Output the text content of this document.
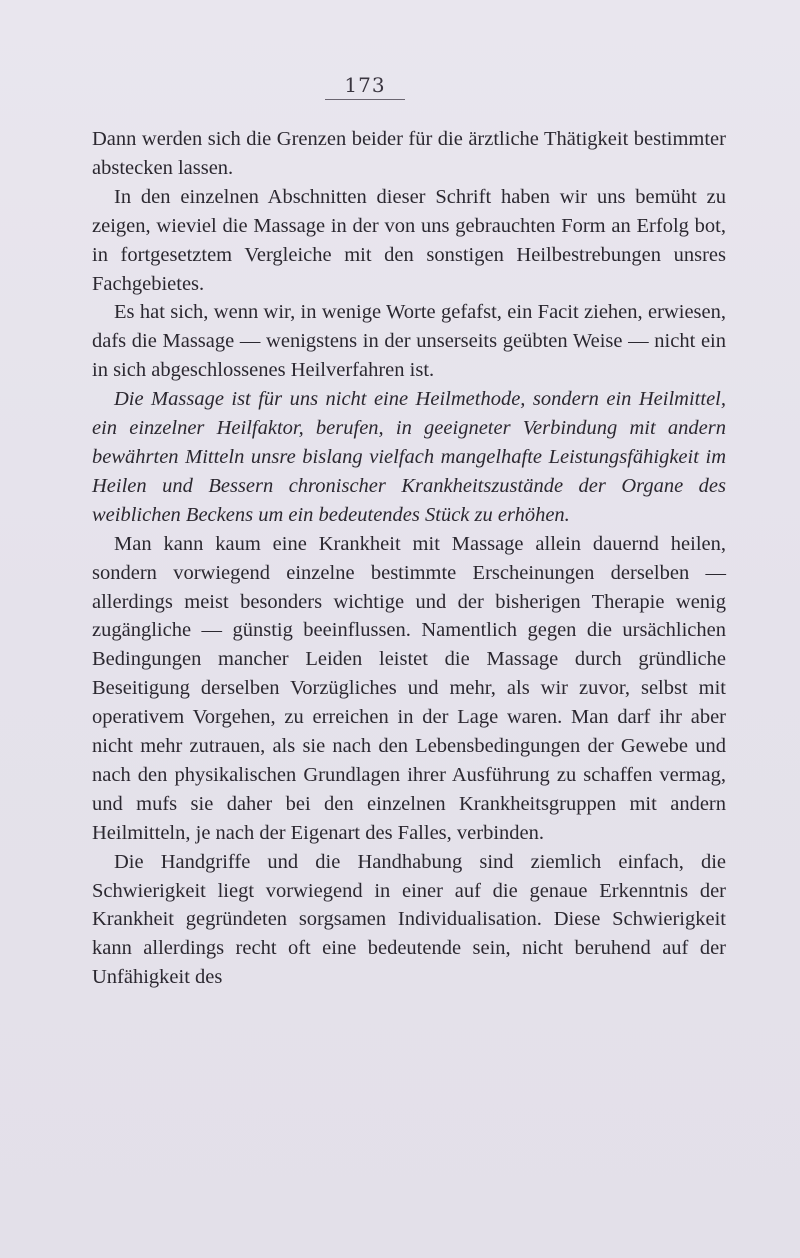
173

Dann werden sich die Grenzen beider für die ärztliche Thätigkeit bestimmter abstecken lassen.

In den einzelnen Abschnitten dieser Schrift haben wir uns bemüht zu zeigen, wieviel die Massage in der von uns gebrauchten Form an Erfolg bot, in fortgesetztem Vergleiche mit den sonstigen Heilbestrebungen unsres Fachgebietes.

Es hat sich, wenn wir, in wenige Worte gefafst, ein Facit ziehen, erwiesen, dafs die Massage — wenigstens in der unserseits geübten Weise — nicht ein in sich abgeschlossenes Heilverfahren ist.

Die Massage ist für uns nicht eine Heilmethode, sondern ein Heilmittel, ein einzelner Heilfaktor, berufen, in geeigneter Verbindung mit andern bewährten Mitteln unsre bislang vielfach mangelhafte Leistungsfähigkeit im Heilen und Bessern chronischer Krankheitszustände der Organe des weiblichen Beckens um ein bedeutendes Stück zu erhöhen.

Man kann kaum eine Krankheit mit Massage allein dauernd heilen, sondern vorwiegend einzelne bestimmte Erscheinungen derselben — allerdings meist besonders wichtige und der bisherigen Therapie wenig zugängliche — günstig beeinflussen. Namentlich gegen die ursächlichen Bedingungen mancher Leiden leistet die Massage durch gründliche Beseitigung derselben Vorzügliches und mehr, als wir zuvor, selbst mit operativem Vorgehen, zu erreichen in der Lage waren. Man darf ihr aber nicht mehr zutrauen, als sie nach den Lebensbedingungen der Gewebe und nach den physikalischen Grundlagen ihrer Ausführung zu schaffen vermag, und mufs sie daher bei den einzelnen Krankheitsgruppen mit andern Heilmitteln, je nach der Eigenart des Falles, verbinden.

Die Handgriffe und die Handhabung sind ziemlich einfach, die Schwierigkeit liegt vorwiegend in einer auf die genaue Erkenntnis der Krankheit gegründeten sorgsamen Individualisation. Diese Schwierigkeit kann allerdings recht oft eine bedeutende sein, nicht beruhend auf der Unfähigkeit des
